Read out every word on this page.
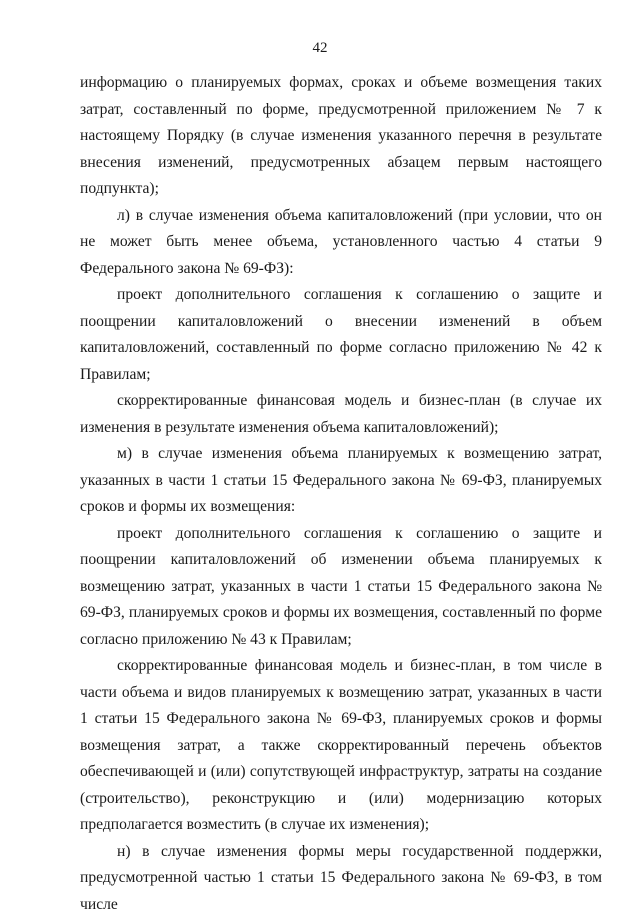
42

информацию о планируемых формах, сроках и объеме возмещения таких затрат, составленный по форме, предусмотренной приложением № 7 к настоящему Порядку (в случае изменения указанного перечня в результате внесения изменений, предусмотренных абзацем первым настоящего подпункта);

л) в случае изменения объема капиталовложений (при условии, что он не может быть менее объема, установленного частью 4 статьи 9 Федерального закона № 69-ФЗ):

проект дополнительного соглашения к соглашению о защите и поощрении капиталовложений о внесении изменений в объем капиталовложений, составленный по форме согласно приложению № 42 к Правилам;

скорректированные финансовая модель и бизнес-план (в случае их изменения в результате изменения объема капиталовложений);

м) в случае изменения объема планируемых к возмещению затрат, указанных в части 1 статьи 15 Федерального закона № 69-ФЗ, планируемых сроков и формы их возмещения:

проект дополнительного соглашения к соглашению о защите и поощрении капиталовложений об изменении объема планируемых к возмещению затрат, указанных в части 1 статьи 15 Федерального закона № 69-ФЗ, планируемых сроков и формы их возмещения, составленный по форме согласно приложению № 43 к Правилам;

скорректированные финансовая модель и бизнес-план, в том числе в части объема и видов планируемых к возмещению затрат, указанных в части 1 статьи 15 Федерального закона № 69-ФЗ, планируемых сроков и формы возмещения затрат, а также скорректированный перечень объектов обеспечивающей и (или) сопутствующей инфраструктур, затраты на создание (строительство), реконструкцию и (или) модернизацию которых предполагается возместить (в случае их изменения);

н) в случае изменения формы меры государственной поддержки, предусмотренной частью 1 статьи 15 Федерального закона № 69-ФЗ, в том числе
